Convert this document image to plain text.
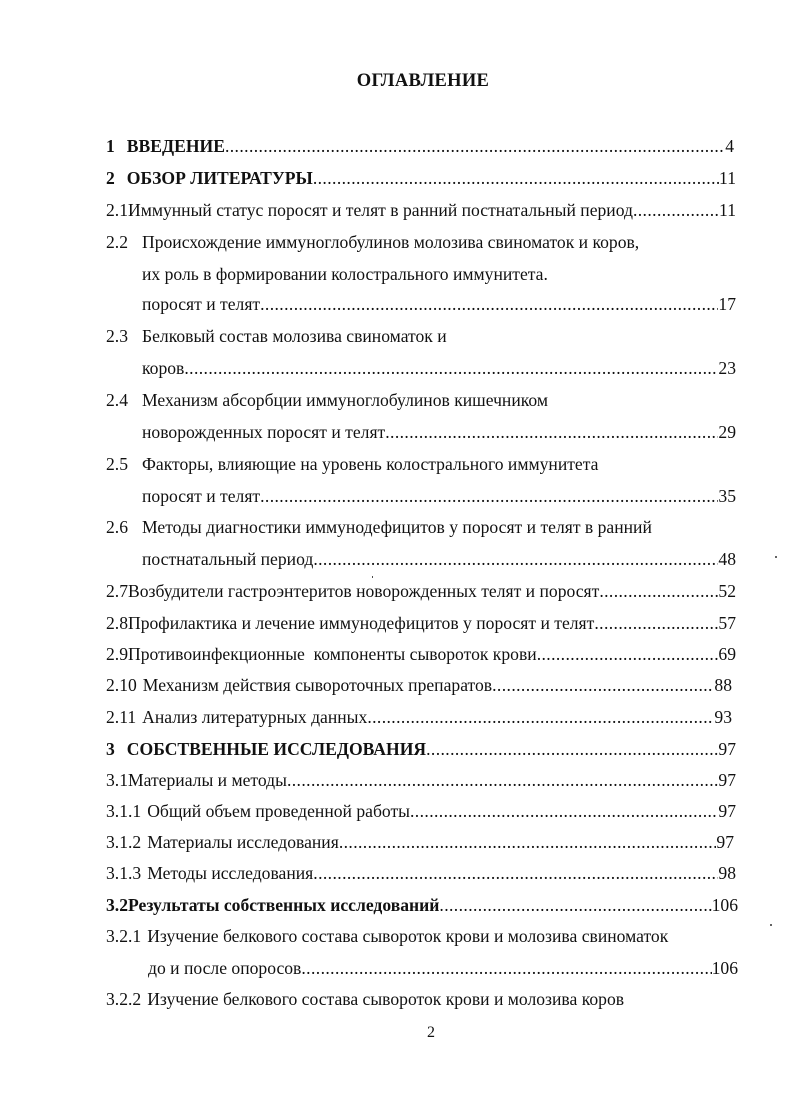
ОГЛАВЛЕНИЕ
1 ВВЕДЕНИЕ .....	4
2 ОБЗОР ЛИТЕРАТУРЫ .....	11
2.1 Иммунный статус поросят и телят в ранний постнатальный период .....	11
2.2 Происхождение иммуноглобулинов молозива свиноматок и коров,
их роль в формировании колострального иммунитета.
поросят и телят .....	17
2.3 Белковый состав молозива свиноматок и
коров .....	23
2.4 Механизм абсорбции иммуноглобулинов кишечником
новорожденных поросят и телят .....	29
2.5 Факторы, влияющие на уровень колострального иммунитета
поросят и телят .....	35
2.6 Методы диагностики иммунодефицитов у поросят и телят в ранний
постнатальный период .....	48
2.7 Возбудители гастроэнтеритов новорожденных телят и поросят .....	52
2.8 Профилактика и лечение иммунодефицитов у поросят и телят .....	57
2.9 Противоинфекционные  компоненты сывороток крови .....	69
2.10 Механизм действия сывороточных препаратов .....	88
2.11 Анализ литературных данных .....	93
3 СОБСТВЕННЫЕ ИССЛЕДОВАНИЯ .....	97
3.1 Материалы и методы .....	97
3.1.1 Общий объем проведенной работы .....	97
3.1.2 Материалы исследования .....	97
3.1.3 Методы исследования .....	98
3.2 Результаты собственных исследований .....	106
3.2.1 Изучение белкового состава сывороток крови и молозива свиноматок
до и после опоросов .....	106
3.2.2 Изучение белкового состава сывороток крови и молозива коров
2
